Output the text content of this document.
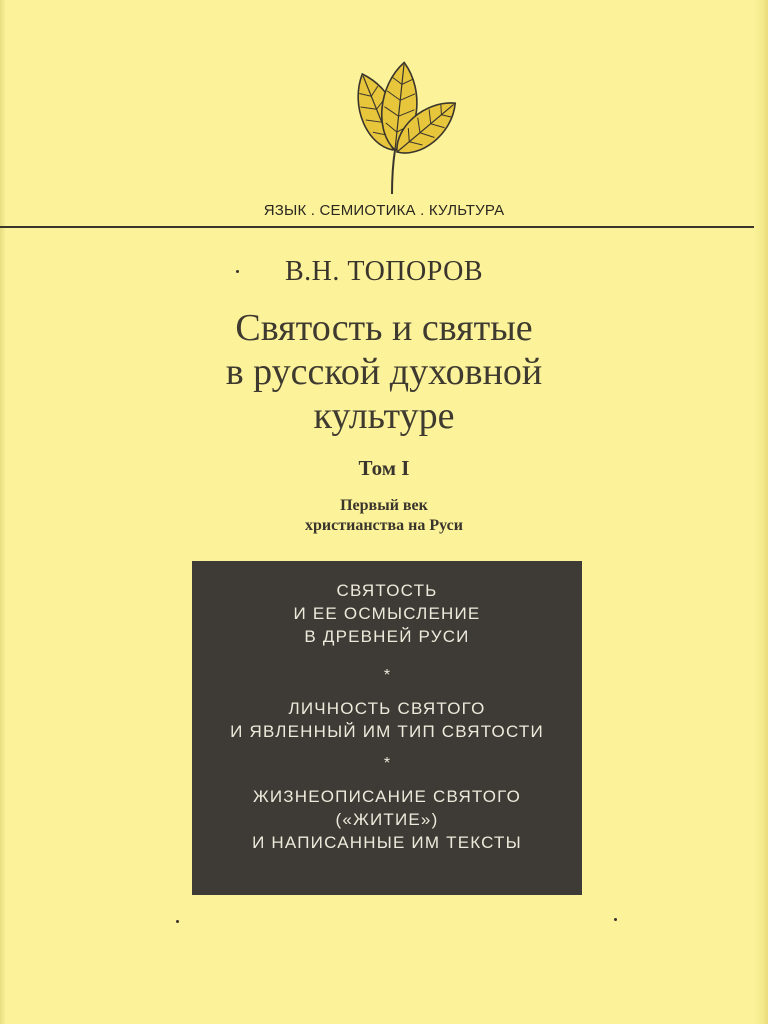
ЯЗЫК . СЕМИОТИКА . КУЛЬТУРА
В.Н. ТОПОРОВ
Святость и святые
в русской духовной
культуре
Том I
Первый век
христианства на Руси
СВЯТОСТЬ
И ЕЕ ОСМЫСЛЕНИЕ
В ДРЕВНЕЙ РУСИ
*
ЛИЧНОСТЬ СВЯТОГО
И ЯВЛЕННЫЙ ИМ ТИП СВЯТОСТИ
*
ЖИЗНЕОПИСАНИЕ СВЯТОГО
(«ЖИТИЕ»)
И НАПИСАННЫЕ ИМ ТЕКСТЫ
